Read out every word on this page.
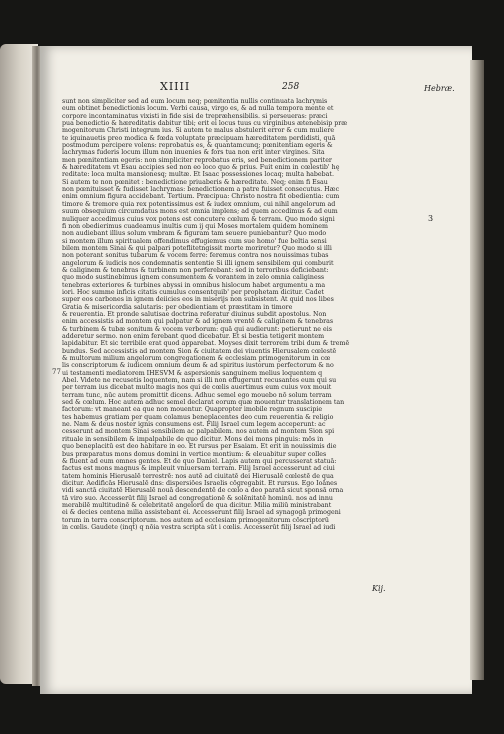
XIIII	258	Hebræ.
3
77
sunt non simpliciter sed ad eum locum neq; pœnitentia nullis continuata lachrymis
eum obtinet benedictionis locum. Verbi causa, virgo es, & ad nulla tempora mente et
corpore incontaminatus vixisti in fide sisi de trepræhensibilis. si perseueras: præci
pua benedictio & hæreditatis dabitur tibi; erit ei locus tuus cu virginibus ætenebisip præ
mogenitorum Christi integrum ius. Si autem te malus abstulerit error & cum muliere
te iquinauetis preo modica & fœda voluptate præcipuam hæreditatem perdidisti, quā
postmodum percipere volens: reprobatus es, & quantamcunq; pœnitentiam egeris &
lachrymas fuderis locum illum non inuenies & fors tua non erit inter virgines. Sita
men pœnitentiam egeris: non simpliciter reprobatus eris, sed benedictionem pariter
& hæreditatem vt Esau accipies sed non eo loco quo & prius. Fuit enim in cœlestib' hę
reditate: loca multa mansionesq; multæ. Et Isaac possessiones locaq; multa habebat.
Si autem te non pœnitet : benedictione priuaberis & hæreditate. Neq; enim fi Esau
non pœnituisset & fudisset lachrymas: benedictionem a patre fuisset consecutus. Hæc
enim omnium figura accidebant. Tertium. Præcipua: Christo nostra fit obedientia: cum
timore & tremore quia rex potentissimus est & iudex omnium, cui nihil angelorum ad
suum obsequium circumdatus mons est omnia implens; ad quem accedimus & ad eum
nuliquer accedimus cuius vox potens est concutere cœlum & terram. Quo modo signi
fi non obedierimus cuadeamus inultis cum ij qui Moses mortalem quidem hominem
non audiebant illius solum vmbram & figuram tam seuere puniebantur? Quo modo
si montem illum spiritualem offendimus effugiemus cum sue homo' fue beltia sensi
bilem montem Sinai & qui palpari poteflitetngissit morte moriretur? Quo modo si illi
non poterant sonitus tubarum & vocem ferre: feremus contra nos nouissimas tubas
angelorum & iudicis nos condemnatis sententie Si illi ignem sensibilem qui comburit
& caliginem & tenebras & turbinem non perferebant: sed in terroribus deficiebant:
quo modo sustinebimus ignem consumentem & vorantem in zelo omnia caliginess
tenebras exteriores & turbines abyssi in omnibus hislocum habet argumentu a ma
iori. Hoc summe inficis citatis cumulus consentquib' per prophetam dicitur. Cadet
super eos carbones in ignem deiicies eos in miserijs non subsistent. At quid nos libes
Gratia & misericordia salutaris: per obedientiam et præstitam in timore
& reuerentia. Et pronde salutisae doctrina referatur diuinus subdit apostolus. Non
enim accessistis ad montem qui palpatur & ad ignem vrentē & caliginem & tenebras
& turbinem & tubæ sonitum & vocem verborum: quā qui audierunt: petierunt ne eis
adderetur sermo. non enim ferebant quod dicebatur. Et si bestia tetigerit montem
lapidabitur. Et sic terribile erat quod apparebat. Moyses dixit terrorem tribi dum & tremē
bundus. Sed accessistis ad montem Sion & ciuitatem dei viuentis Hierusalem cœlestē
& multorum milium angelorum congregationem & ecclesiam primogenitorum in cœ
lis conscriptorum & iudicem omnium deum & ad spiritus iustorum perfectorum & no
ui testamenti mediatorem IHESVM & aspersionis sanguinem melius loquentem q
Abel. Videte ne recusetis loquentem, nam si illi non effugerunt recusantes eum qui su
per terram ius dicebat multo magis nos qui de cœlis auertimus eum cuius vox mouit
terram tunc, nūc autem promittit dicens. Adhuc semel ego mouebo nō solum terram
sed & cœlum. Hoc autem adhuc semel declarat eorum quæ mouentur translationem tan
factorum: vt maneant ea que non mouentur. Quapropter imobile regnum suscipie
tes habemus gratiam per quam colamus beneplacentes deo cum reuerentia & religio
ne. Nam & deus noster ignis consumens est. Filij Israel cum legem acceperunt: ac
cesserunt ad montem Sinai sensibilem ac palpabilem. nos autem ad montem Sion spi
rituale in sensibilem & impalpabile de quo dicitur. Mons dei mons pinguis: mōs in
quo beneplacitū est deo habitare in eo. Et rursus per Esaiam. Et erit in nouissimis die
bus præparatus mons domus domini in vertice montium: & eleuabitur super colles
& fluent ad eum omnes gentes. Et de quo Daniel. Lapis autem qui percusserat statuā:
factus est mons magnus & impleuit vniuersam terram. Filij Israel accesserunt ad ciui
tatem hominis Hierusalē terrestrē: nos autē ad ciuitatē dei Hierusalē cœlestē de qua
dicitur. Aedificās Hierusalē dns: dispersiōes Israelis cōgregabit. Et rursus. Ego Ioānes
vidi sanctā ciuitatē Hierusalē nouā descendentē de cœlo a deo paratā sicut sponsā orna
tā viro suo. Accesserūt filij Israel ad congregationē & solēnitatē hominū. nos ad innu
merabilē multitudinē & celebritatē angelorū de qua dicitur. Milia miliū ministrabant
ei & decies centena milia assistebant ei. Accesserunt filij Israel ad synagogā primogeni
torum in terra conscriptorum. nos autem ad ecclesiam primogenitorum cōscriptorū
in cœlis. Gaudete (inqt) q nōia vestra scripta sūt i cœlis. Accesserūt filij Israel ad iudi
Kij.
